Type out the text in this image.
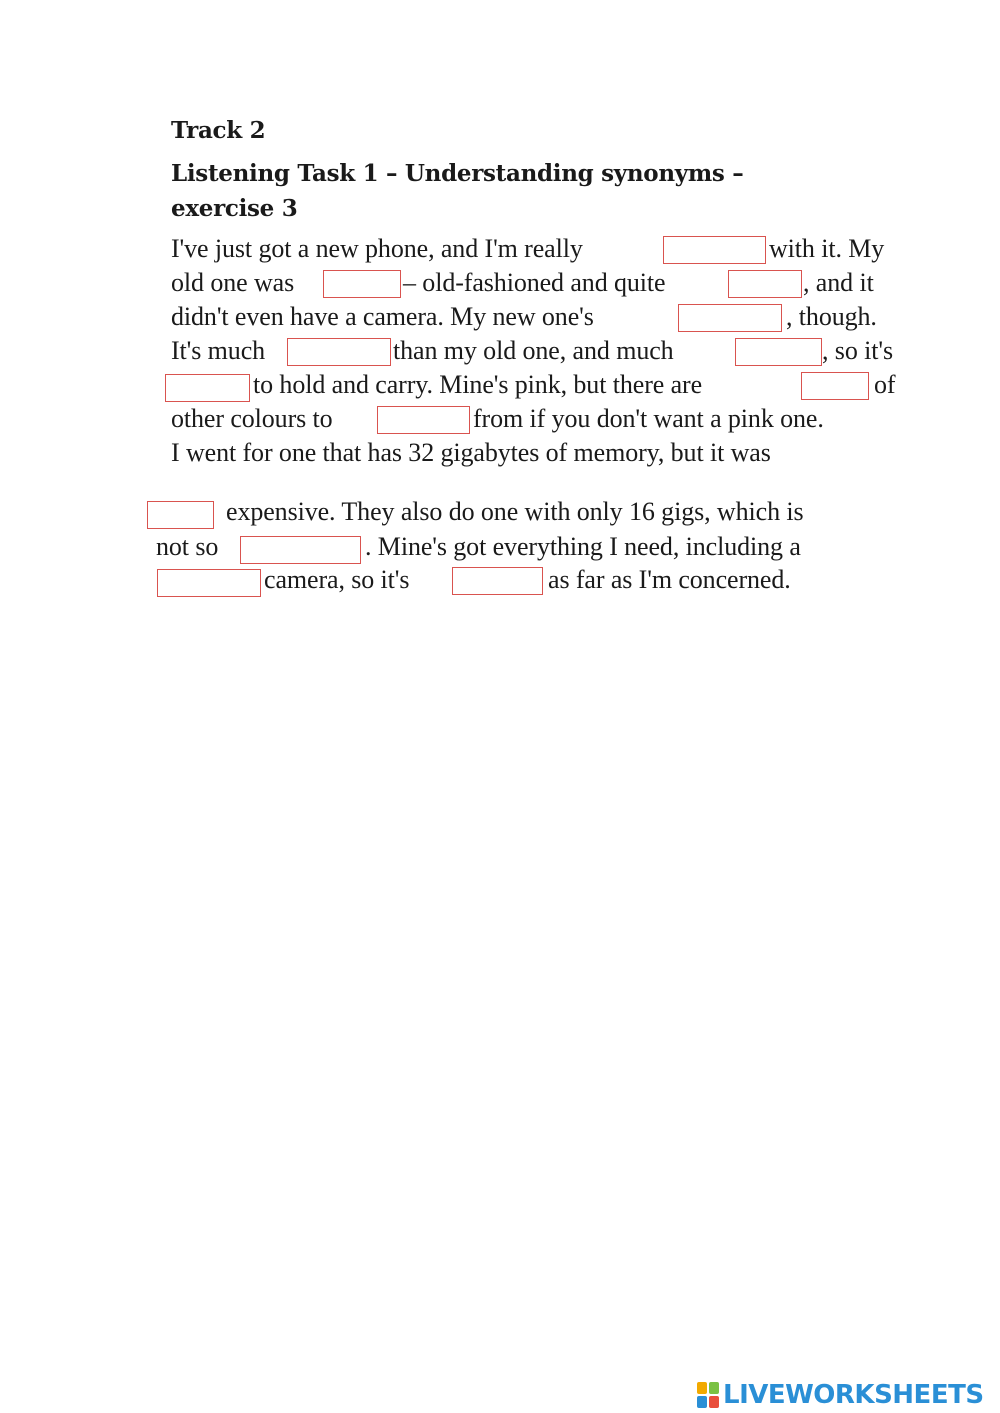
Track 2
Listening Task 1 – Understanding synonyms –
exercise 3
I've just got a new phone, and I'm really	with it. My
old one was	– old-fashioned and quite	, and it
didn't even have a camera. My new one's	, though.
It's much	than my old one, and much	, so it's
to hold and carry. Mine's pink, but there are	of
other colours to	from if you don't want a pink one.
I went for one that has 32 gigabytes of memory, but it was
expensive. They also do one with only 16 gigs, which is
not so	. Mine's got everything I need, including a
camera, so it's	as far as I'm concerned.
LIVEWORKSHEETS
